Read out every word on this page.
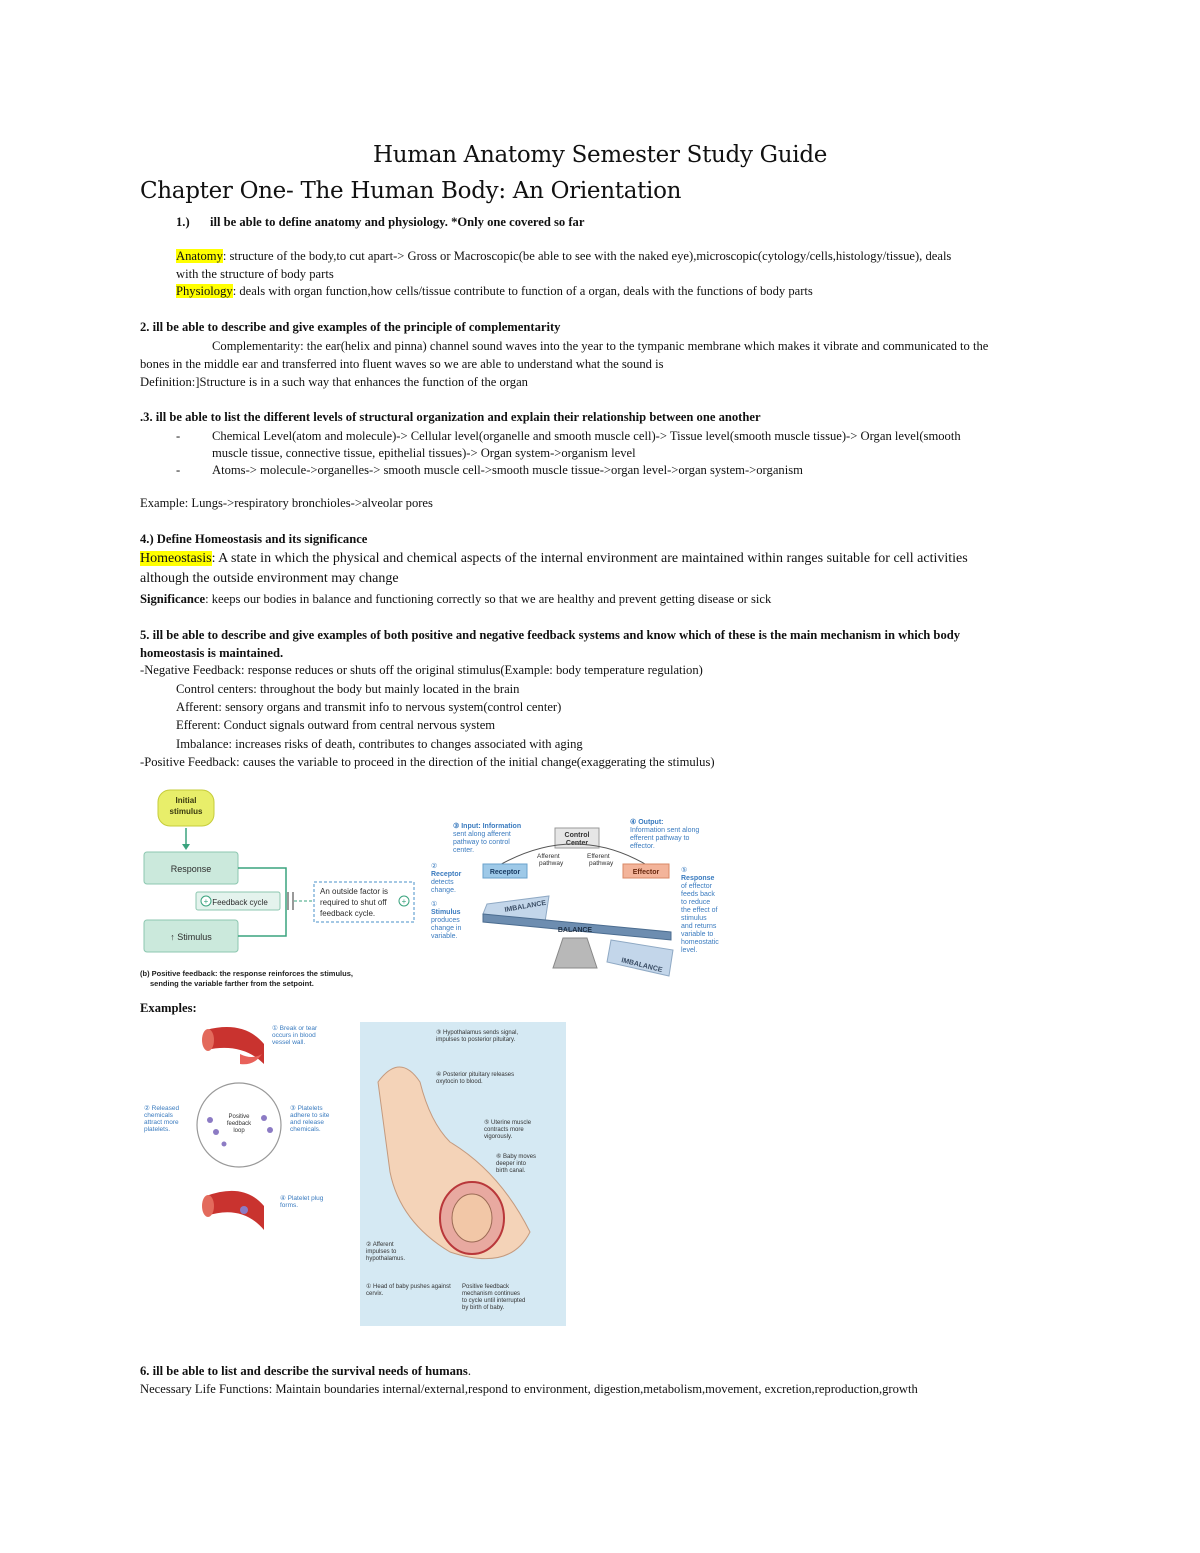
Human Anatomy Semester Study Guide
Chapter One- The Human Body: An Orientation
1.) ill be able to define anatomy and physiology. *Only one covered so far
Anatomy: structure of the body,to cut apart-> Gross or Macroscopic(be able to see with the naked eye),microscopic(cytology/cells,histology/tissue), deals
with the structure of body parts
Physiology: deals with organ function,how cells/tissue contribute to function of a organ, deals with the functions of body parts
2. ill be able to describe and give examples of the principle of complementarity
Complementarity: the ear(helix and pinna) channel sound waves into the year to the tympanic membrane which makes it vibrate and communicated to the
bones in the middle ear and transferred into fluent waves so we are able to understand what the sound is
Definition:]Structure is in a such way that enhances the function of the organ
.3. ill be able to list the different levels of structural organization and explain their relationship between one another
-	Chemical Level(atom and molecule)-> Cellular level(organelle and smooth muscle cell)-> Tissue level(smooth muscle tissue)-> Organ level(smooth
muscle tissue, connective tissue, epithelial tissues)-> Organ system->organism level
-	Atoms-> molecule->organelles-> smooth muscle cell->smooth muscle tissue->organ level->organ system->organism
Example: Lungs->respiratory bronchioles->alveolar pores
4.) Define Homeostasis and its significance
Homeostasis: A state in which the physical and chemical aspects of the internal environment are maintained within ranges suitable for cell activities
although the outside environment may change
Significance: keeps our bodies in balance and functioning correctly so that we are healthy and prevent getting disease or sick
5. ill be able to describe and give examples of both positive and negative feedback systems and know which of these is the main mechanism in which body
homeostasis is maintained.
-Negative Feedback: response reduces or shuts off the original stimulus(Example: body temperature regulation)
Control centers: throughout the body but mainly located in the brain
Afferent: sensory organs and transmit info to nervous system(control center)
Efferent: Conduct signals outward from central nervous system
Imbalance: increases risks of death, contributes to changes associated with aging
-Positive Feedback: causes the variable to proceed in the direction of the initial change(exaggerating the stimulus)
Initial
stimulus
Response
+ Feedback cycle
↑ Stimulus
An outside factor is
required to shut off
feedback cycle.
+
(b) Positive feedback: the response reinforces the stimulus,
sending the variable farther from the setpoint.
③ Input: Information
sent along afferent
pathway to control
center.
Control
Center
Afferent
pathway
Efferent
pathway
④ Output:
Information sent along
efferent pathway to
effector.
Receptor	Effector
②
Receptor
detects
change.
①
Stimulus
produces
change in
variable.
⑤
Response
of effector
feeds back
to reduce
the effect of
stimulus
and returns
variable to
homeostatic
level.
IMBALANCE
BALANCE
IMBALANCE
Examples:
① Break or tear
occurs in blood
vessel wall.
Positive
feedback
loop
② Released
chemicals
attract more
platelets.
③ Platelets
adhere to site
and release
chemicals.
④ Platelet plug
forms.
③ Hypothalamus sends signal,
impulses to posterior pituitary.
④ Posterior pituitary releases
oxytocin to blood.
⑤ Uterine muscle
contracts more
vigorously.
⑥ Baby moves
deeper into
birth canal.
② Afferent
impulses to
hypothalamus.
① Head of baby pushes against
cervix.
Positive feedback
mechanism continues
to cycle until interrupted
by birth of baby.
6. ill be able to list and describe the survival needs of humans.
Necessary Life Functions: Maintain boundaries internal/external,respond to environment, digestion,metabolism,movement, excretion,reproduction,growth
